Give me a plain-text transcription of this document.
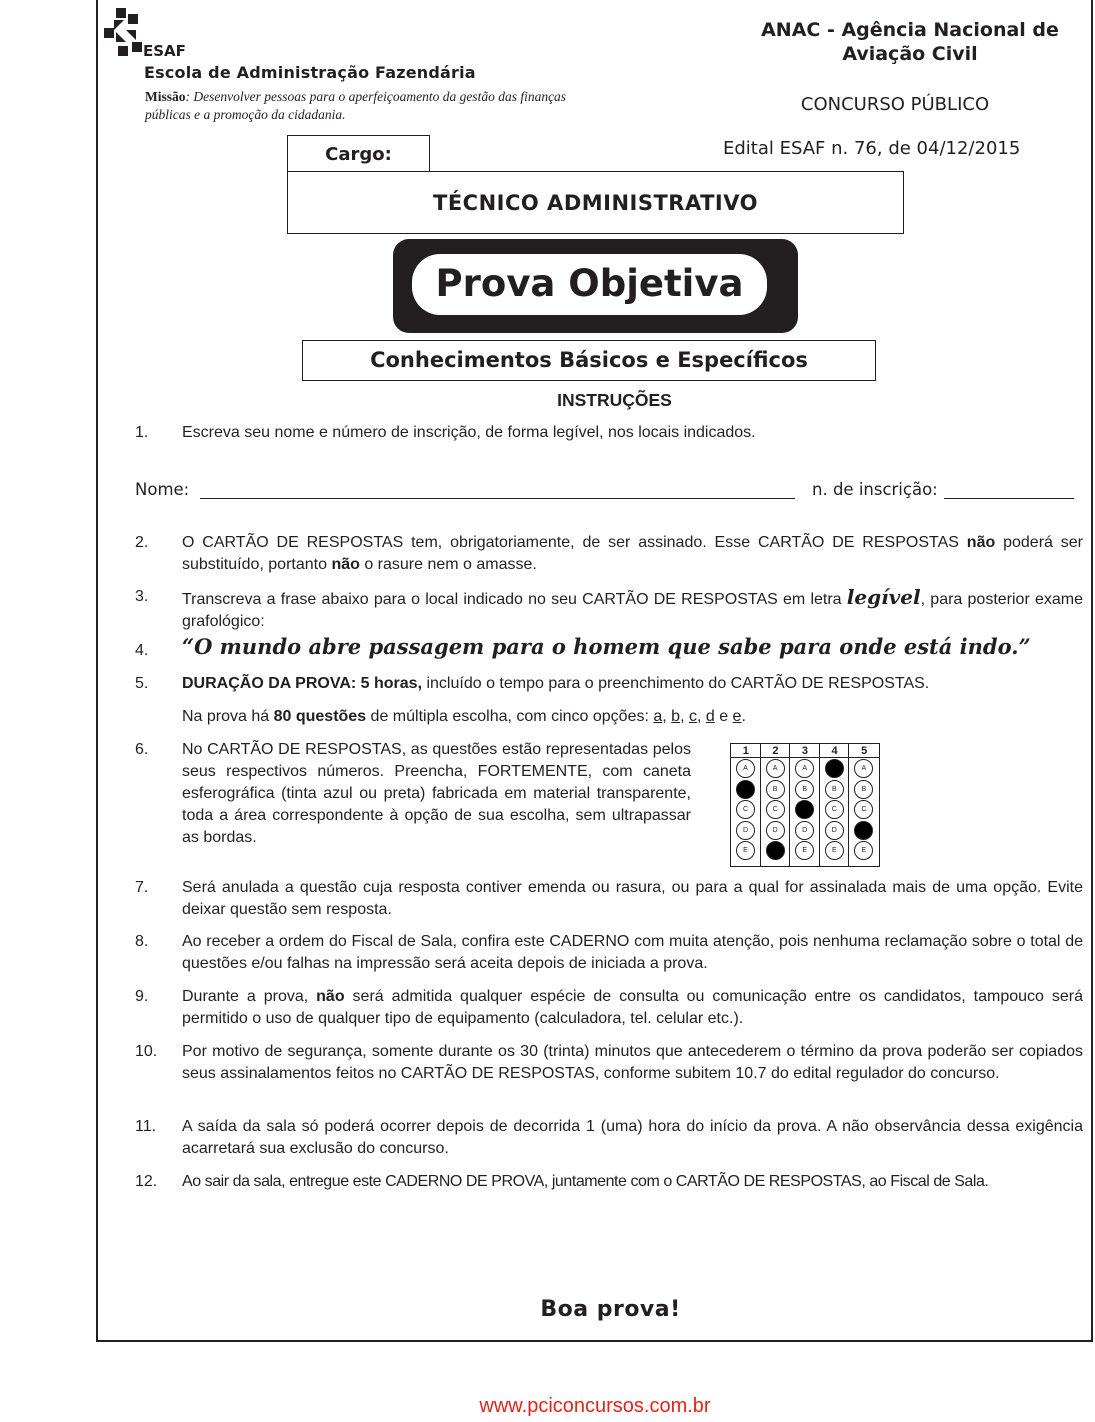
ESAF
Escola de Administração Fazendária
Missão: Desenvolver pessoas para o aperfeiçoamento da gestão das finanças públicas e a promoção da cidadania.
ANAC - Agência Nacional de
Aviação Civil
CONCURSO PÚBLICO
Edital ESAF n. 76, de 04/12/2015
Cargo:
TÉCNICO ADMINISTRATIVO
Prova Objetiva
Conhecimentos Básicos e Específicos
INSTRUÇÕES
1. Escreva seu nome e número de inscrição, de forma legível, nos locais indicados.
Nome:	n. de inscrição:
2. O CARTÃO DE RESPOSTAS tem, obrigatoriamente, de ser assinado. Esse CARTÃO DE RESPOSTAS não poderá ser substituído, portanto não o rasure nem o amasse.
3. Transcreva a frase abaixo para o local indicado no seu CARTÃO DE RESPOSTAS em letra legível, para posterior exame grafológico:
4. “O mundo abre passagem para o homem que sabe para onde está indo.”
5. DURAÇÃO DA PROVA: 5 horas, incluído o tempo para o preenchimento do CARTÃO DE RESPOSTAS.
Na prova há 80 questões de múltipla escolha, com cinco opções: a, b, c, d e e.
6. No CARTÃO DE RESPOSTAS, as questões estão representadas pelos seus respectivos números. Preencha, FORTEMENTE, com caneta esferográfica (tinta azul ou preta) fabricada em material transparente, toda a área correspondente à opção de sua escolha, sem ultrapassar as bordas.
1
A
B
C
D
E
2
A
B
C
D
E
3
A
B
C
D
E
4
A
B
C
D
E
5
A
B
C
D
E
7. Será anulada a questão cuja resposta contiver emenda ou rasura, ou para a qual for assinalada mais de uma opção. Evite deixar questão sem resposta.
8. Ao receber a ordem do Fiscal de Sala, confira este CADERNO com muita atenção, pois nenhuma reclamação sobre o total de questões e/ou falhas na impressão será aceita depois de iniciada a prova.
9. Durante a prova, não será admitida qualquer espécie de consulta ou comunicação entre os candidatos, tampouco será permitido o uso de qualquer tipo de equipamento (calculadora, tel. celular etc.).
10. Por motivo de segurança, somente durante os 30 (trinta) minutos que antecederem o término da prova poderão ser copiados seus assinalamentos feitos no CARTÃO DE RESPOSTAS, conforme subitem 10.7 do edital regulador do concurso.
11. A saída da sala só poderá ocorrer depois de decorrida 1 (uma) hora do início da prova. A não observância dessa exigência acarretará sua exclusão do concurso.
12. Ao sair da sala, entregue este CADERNO DE PROVA, juntamente com o CARTÃO DE RESPOSTAS, ao Fiscal de Sala.
Boa prova!
www.pciconcursos.com.br
